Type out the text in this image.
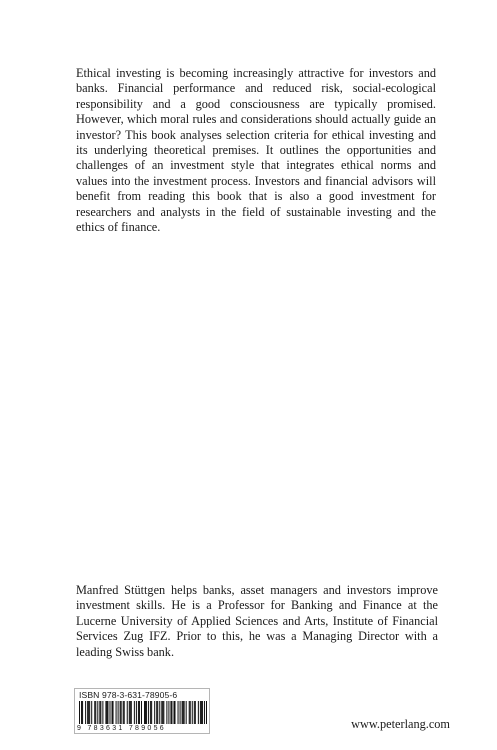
Ethical investing is becoming increasingly attractive for investors and banks. Financial performance and reduced risk, social-ecological responsibility and a good consciousness are typically promised. However, which moral rules and considerations should actually guide an investor? This book analyses selection criteria for ethical investing and its underlying theoretical premises. It outlines the opportunities and challenges of an investment style that integrates ethical norms and values into the investment process. Investors and financial advisors will benefit from reading this book that is also a good investment for researchers and analysts in the field of sustainable investing and the ethics of finance.

Manfred Stüttgen helps banks, asset managers and investors improve investment skills. He is a Professor for Banking and Finance at the Lucerne University of Applied Sciences and Arts, Institute of Financial Services Zug IFZ. Prior to this, he was a Managing Director with a leading Swiss bank.

ISBN 978-3-631-78905-6
9 783631 789056	www.peterlang.com
